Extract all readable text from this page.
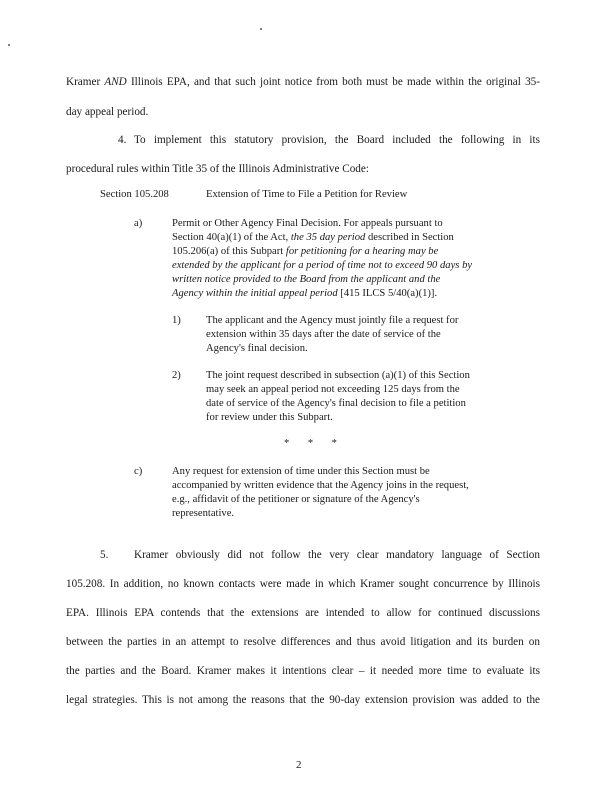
Kramer AND Illinois EPA, and that such joint notice from both must be made within the original 35-
day appeal period.
4. To implement this statutory provision, the Board included the following in its
procedural rules within Title 35 of the Illinois Administrative Code:
Section 105.208	Extension of Time to File a Petition for Review
a)	Permit or Other Agency Final Decision. For appeals pursuant to
Section 40(a)(1) of the Act, the 35 day period described in Section
105.206(a) of this Subpart for petitioning for a hearing may be
extended by the applicant for a period of time not to exceed 90 days by
written notice provided to the Board from the applicant and the
Agency within the initial appeal period [415 ILCS 5/40(a)(1)].
1) The applicant and the Agency must jointly file a request for
extension within 35 days after the date of service of the
Agency's final decision.
2) The joint request described in subsection (a)(1) of this Section
may seek an appeal period not exceeding 125 days from the
date of service of the Agency's final decision to file a petition
for review under this Subpart.
*       *       *
c)	Any request for extension of time under this Section must be
accompanied by written evidence that the Agency joins in the request,
e.g., affidavit of the petitioner or signature of the Agency's
representative.
5. Kramer obviously did not follow the very clear mandatory language of Section
105.208. In addition, no known contacts were made in which Kramer sought concurrence by Illinois
EPA. Illinois EPA contends that the extensions are intended to allow for continued discussions
between the parties in an attempt to resolve differences and thus avoid litigation and its burden on
the parties and the Board. Kramer makes it intentions clear – it needed more time to evaluate its
legal strategies. This is not among the reasons that the 90-day extension provision was added to the
2
